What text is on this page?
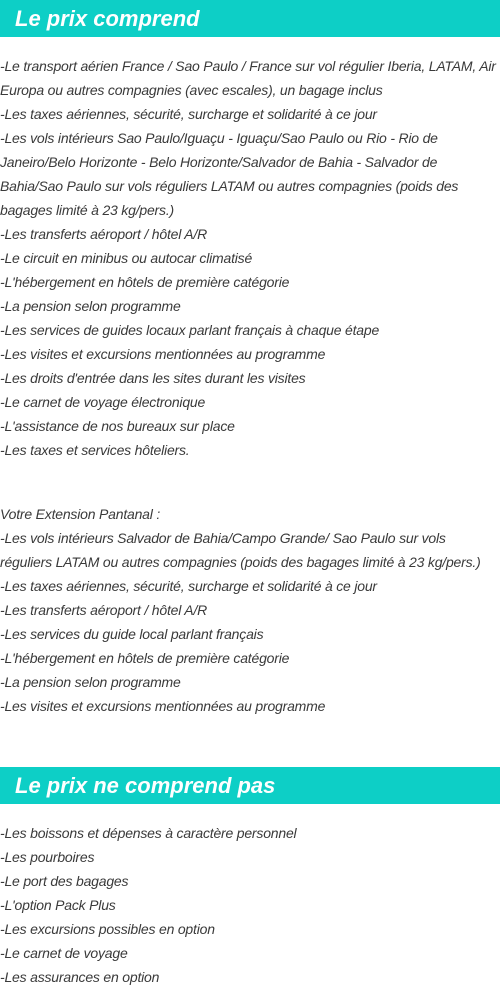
Le prix comprend
-Le transport aérien France / Sao Paulo / France sur vol régulier Iberia, LATAM, Air Europa ou autres compagnies (avec escales), un bagage inclus
-Les taxes aériennes, sécurité, surcharge et solidarité à ce jour
-Les vols intérieurs Sao Paulo/Iguaçu - Iguaçu/Sao Paulo ou Rio - Rio de Janeiro/Belo Horizonte - Belo Horizonte/Salvador de Bahia - Salvador de Bahia/Sao Paulo sur vols réguliers LATAM ou autres compagnies (poids des bagages limité à 23 kg/pers.)
-Les transferts aéroport / hôtel A/R
-Le circuit en minibus ou autocar climatisé
-L'hébergement en hôtels de première catégorie
-La pension selon programme
-Les services de guides locaux parlant français à chaque étape
-Les visites et excursions mentionnées au programme
-Les droits d'entrée dans les sites durant les visites
-Le carnet de voyage électronique
-L'assistance de nos bureaux sur place
-Les taxes et services hôteliers.
Votre Extension Pantanal :
-Les vols intérieurs Salvador de Bahia/Campo Grande/ Sao Paulo sur vols réguliers LATAM ou autres compagnies (poids des bagages limité à 23 kg/pers.)
-Les taxes aériennes, sécurité, surcharge et solidarité à ce jour
-Les transferts aéroport / hôtel A/R
-Les services du guide local parlant français
-L'hébergement en hôtels de première catégorie
-La pension selon programme
-Les visites et excursions mentionnées au programme
Le prix ne comprend pas
-Les boissons et dépenses à caractère personnel
-Les pourboires
-Le port des bagages
-L'option Pack Plus
-Les excursions possibles en option
-Le carnet de voyage
-Les assurances en option
